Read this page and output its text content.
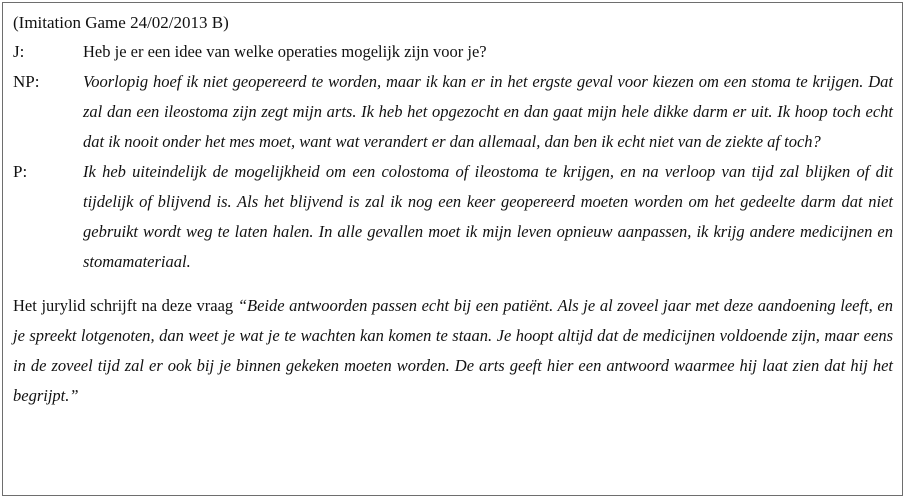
(Imitation Game 24/02/2013 B)
J:	Heb je er een idee van welke operaties mogelijk zijn voor je?
NP:	Voorlopig hoef ik niet geopereerd te worden, maar ik kan er in het ergste geval voor kiezen om een stoma te krijgen. Dat zal dan een ileostoma zijn zegt mijn arts. Ik heb het opgezocht en dan gaat mijn hele dikke darm er uit. Ik hoop toch echt dat ik nooit onder het mes moet, want wat verandert er dan allemaal, dan ben ik echt niet van de ziekte af toch?
P:	Ik heb uiteindelijk de mogelijkheid om een colostoma of ileostoma te krijgen, en na verloop van tijd zal blijken of dit tijdelijk of blijvend is. Als het blijvend is zal ik nog een keer geopereerd moeten worden om het gedeelte darm dat niet gebruikt wordt weg te laten halen. In alle gevallen moet ik mijn leven opnieuw aanpassen, ik krijg andere medicijnen en stomamateriaal.
Het jurylid schrijft na deze vraag “Beide antwoorden passen echt bij een patiënt. Als je al zoveel jaar met deze aandoening leeft, en je spreekt lotgenoten, dan weet je wat je te wachten kan komen te staan. Je hoopt altijd dat de medicijnen voldoende zijn, maar eens in de zoveel tijd zal er ook bij je binnen gekeken moeten worden. De arts geeft hier een antwoord waarmee hij laat zien dat hij het begrijpt.”
